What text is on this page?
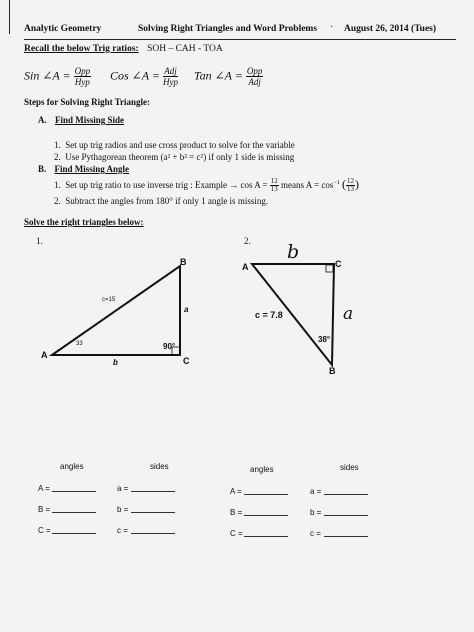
Analytic Geometry	Solving Right Triangles and Word Problems · August 26, 2014 (Tues)
Recall the below Trig ratios: SOH – CAH - TOA
Sin ∠A = $\frac{\text{Opp}}{\text{Hyp}}$ Cos ∠A = $\frac{\text{Adj}}{\text{Hyp}}$ Tan ∠A = $\frac{\text{Opp}}{\text{Adj}}$
Steps for Solving Right Triangle:
A. Find Missing Side
1.  Set up trig radios and use cross product to solve for the variable
2.  Use Pythagorean theorem (a² + b² = c²) if only 1 side is missing
B. Find Missing Angle
1.  Set up trig ratio to use inverse trig : Example → $\cos A = \frac{12}{13}$ means $A = \cos^{-1}$ ( $\frac{12}{13}$ )
2.  Subtract the angles from 180° if only 1 angle is missing.
Solve the right triangles below:
1.
A
B
C
c=15
a
b
33	90°
2.
A	C
B
b
a
c = 7.8
38°
angles	sides
A =	a =
B =	b =
C =	c =
angles	sides
A =	a =
B =	b =
C =	c =
